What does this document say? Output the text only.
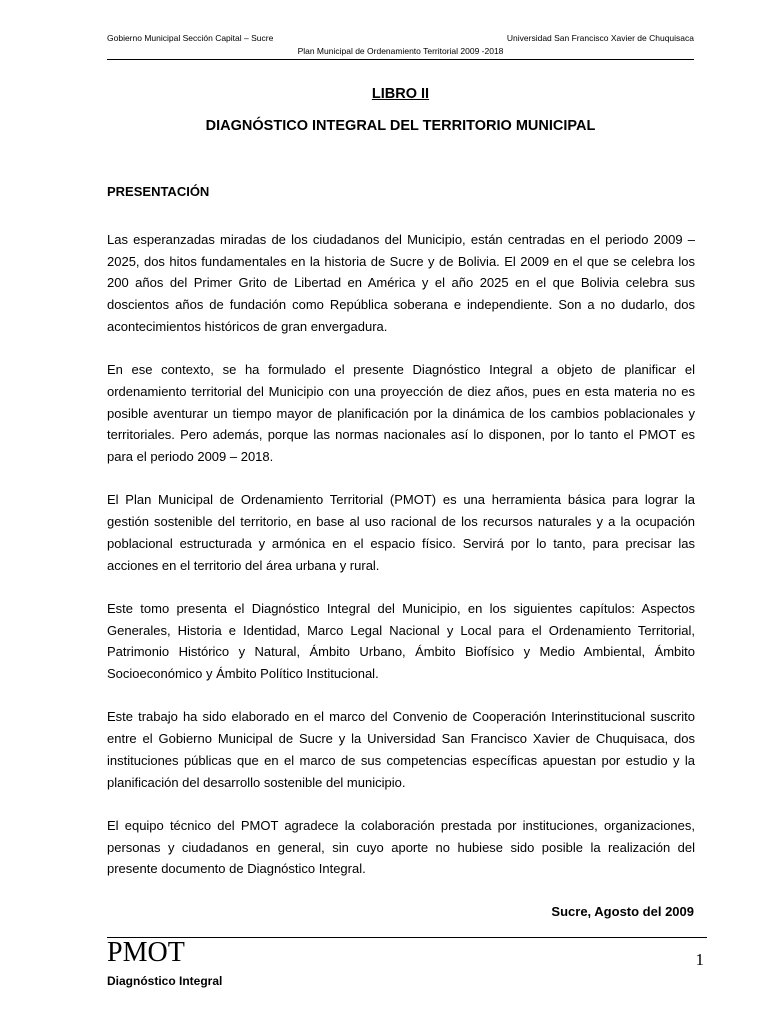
Gobierno Municipal Sección Capital – Sucre	Universidad San Francisco Xavier de Chuquisaca
Plan Municipal de Ordenamiento Territorial 2009 -2018
LIBRO II
DIAGNÓSTICO INTEGRAL DEL TERRITORIO MUNICIPAL
PRESENTACIÓN

Las esperanzadas miradas de los ciudadanos del Municipio, están centradas en el periodo 2009 – 2025, dos hitos fundamentales en la historia de Sucre y de Bolivia. El 2009 en el que se celebra los 200 años del Primer Grito de Libertad en América y el año 2025 en el que Bolivia celebra sus doscientos años de fundación como República soberana e independiente. Son a no dudarlo, dos acontecimientos históricos de gran envergadura.

En ese contexto, se ha formulado el presente Diagnóstico Integral a objeto de planificar el ordenamiento territorial del Municipio con una proyección de diez años, pues en esta materia no es posible aventurar un tiempo mayor de planificación por la dinámica de los cambios poblacionales y territoriales. Pero además, porque las normas nacionales así lo disponen, por lo tanto el PMOT es para el periodo 2009 – 2018.

El Plan Municipal de Ordenamiento Territorial (PMOT) es una herramienta básica para lograr la gestión sostenible del territorio, en base al uso racional de los recursos naturales y a la ocupación poblacional estructurada y armónica en el espacio físico. Servirá por lo tanto, para precisar las acciones en el territorio del área urbana y rural.

Este tomo presenta el Diagnóstico Integral del Municipio, en los siguientes capítulos: Aspectos Generales, Historia e Identidad, Marco Legal Nacional y Local para el Ordenamiento Territorial, Patrimonio Histórico y Natural, Ámbito Urbano, Ámbito Biofísico y Medio Ambiental, Ámbito Socioeconómico y Ámbito Político Institucional.

Este trabajo ha sido elaborado en el marco del Convenio de Cooperación Interinstitucional suscrito entre el Gobierno Municipal de Sucre y la Universidad San Francisco Xavier de Chuquisaca, dos instituciones públicas que en el marco de sus competencias específicas apuestan por estudio y la planificación del desarrollo sostenible del municipio.

El equipo técnico del PMOT agradece la colaboración prestada por instituciones, organizaciones, personas y ciudadanos en general, sin cuyo aporte no hubiese sido posible la realización del presente documento de Diagnóstico Integral.

Sucre, Agosto del 2009
PMOT	1
Diagnóstico Integral
